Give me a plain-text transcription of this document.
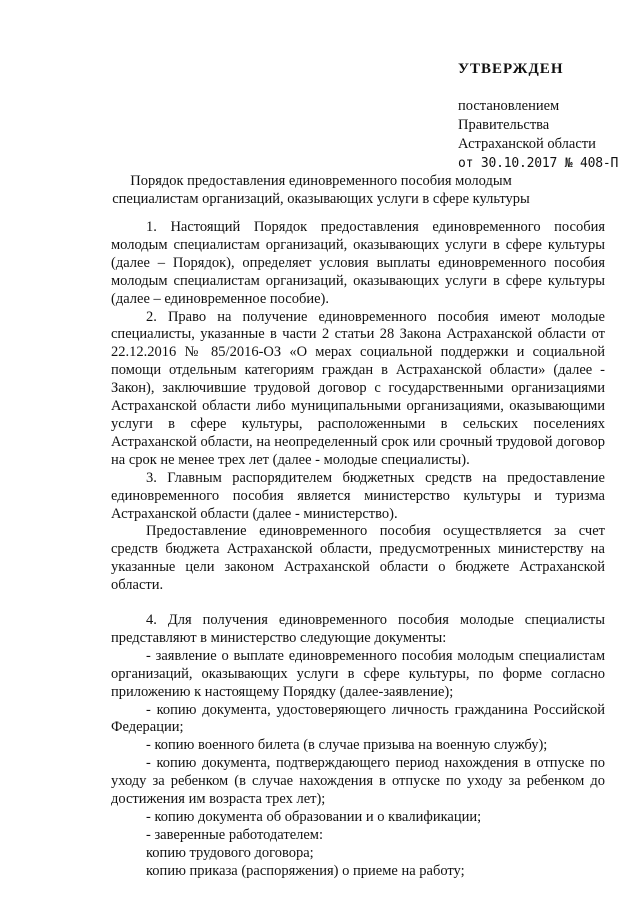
УТВЕРЖДЕН
постановлением
Правительства
Астраханской области
от 30.10.2017 № 408-П
Порядок предоставления единовременного пособия молодым специалистам организаций, оказывающих услуги в сфере культуры

1. Настоящий Порядок предоставления единовременного пособия молодым специалистам организаций, оказывающих услуги в сфере культуры (далее – Порядок), определяет условия выплаты единовременного пособия молодым специалистам организаций, оказывающих услуги в сфере культуры (далее – единовременное пособие).

2. Право на получение единовременного пособия имеют молодые специалисты, указанные в части 2 статьи 28 Закона Астраханской области от 22.12.2016 № 85/2016-ОЗ «О мерах социальной поддержки и социальной помощи отдельным категориям граждан в Астраханской области» (далее - Закон), заключившие трудовой договор с государственными организациями Астраханской области либо муниципальными организациями, оказывающими услуги в сфере культуры, расположенными в сельских поселениях Астраханской области, на неопределенный срок или срочный трудовой договор на срок не менее трех лет (далее - молодые специалисты).

3. Главным распорядителем бюджетных средств на предоставление единовременного пособия является министерство культуры и туризма Астраханской области (далее - министерство).

Предоставление единовременного пособия осуществляется за счет средств бюджета Астраханской области, предусмотренных министерству на указанные цели законом Астраханской области о бюджете Астраханской области.

4. Для получения единовременного пособия молодые специалисты представляют в министерство следующие документы:

- заявление о выплате единовременного пособия молодым специалистам организаций, оказывающих услуги в сфере культуры, по форме согласно приложению к настоящему Порядку (далее-заявление);

- копию документа, удостоверяющего личность гражданина Российской Федерации;

- копию военного билета (в случае призыва на военную службу);

- копию документа, подтверждающего период нахождения в отпуске по уходу за ребенком (в случае нахождения в отпуске по уходу за ребенком до достижения им возраста трех лет);

- копию документа об образовании и о квалификации;

- заверенные работодателем:

копию трудового договора;

копию приказа (распоряжения) о приеме на работу;
